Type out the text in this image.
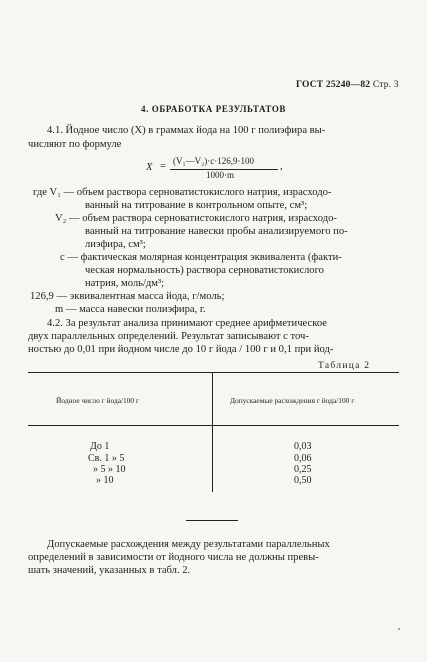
ГОСТ 25240—82 Стр. 3
4. ОБРАБОТКА РЕЗУЛЬТАТОВ
4.1. Йодное число (X) в граммах йода на 100 г полиэфира вы-
числяют по формуле
X = (V₁—V₂)·c·126,9·100
1000·m
,
где V₁ — объем раствора серноватистокислого натрия, израсходо-
ванный на титрование в контрольном опыте, см³;
V₂ — объем раствора серноватистокислого натрия, израсходо-
ванный на титрование навески пробы анализируемого по-
лиэфира, см³;
c — фактическая молярная концентрация эквивалента (факти-
ческая нормальность) раствора серноватистокислого
натрия, моль/дм³;
126,9 — эквивалентная масса йода, г/моль;
m — масса навески полиэфира, г.
4.2. За результат анализа принимают среднее арифметическое
двух параллельных определений. Результат записывают с точ-
ностью до 0,01 при йодном числе до 10 г йода / 100 г и 0,1 при йод-
Таблица 2
Йодное число г йода/100 г	Допускаемые расхождения г йода/100 г
До 1	0,03
Св. 1 » 5	0,06
» 5 » 10	0,25
» 10	0,50
Допускаемые расхождения между результатами параллельных
определений в зависимости от йодного числа не должны превы-
шать значений, указанных в табл. 2.
